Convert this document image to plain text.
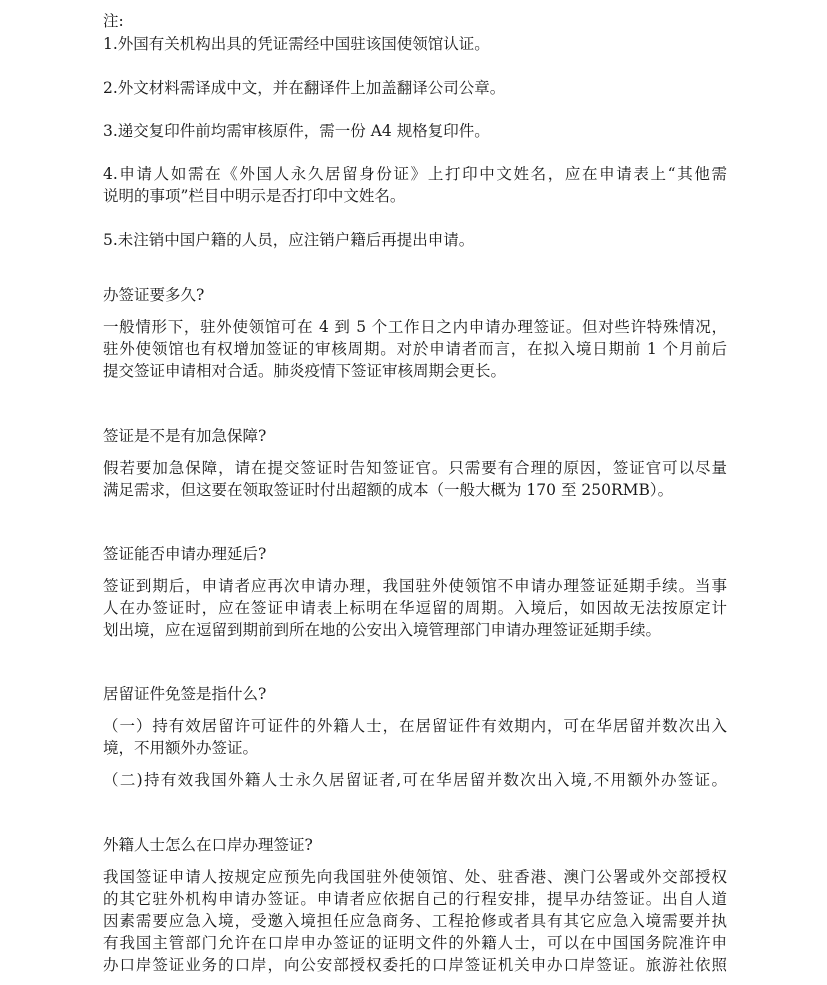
注:
1.外国有关机构出具的凭证需经中国驻该国使领馆认证。
2.外文材料需译成中文，并在翻译件上加盖翻译公司公章。
3.递交复印件前均需审核原件，需一份 A4 规格复印件。
4.申请人如需在《外国人永久居留身份证》上打印中文姓名，应在申请表上“其他需
说明的事项”栏目中明示是否打印中文姓名。
5.未注销中国户籍的人员，应注销户籍后再提出申请。
办签证要多久?
一般情形下，驻外使领馆可在 4 到 5 个工作日之内申请办理签证。但对些许特殊情况，
驻外使领馆也有权增加签证的审核周期。对於申请者而言，在拟入境日期前 1 个月前后
提交签证申请相对合适。肺炎疫情下签证审核周期会更长。
签证是不是有加急保障?
假若要加急保障，请在提交签证时告知签证官。只需要有合理的原因，签证官可以尽量
满足需求，但这要在领取签证时付出超额的成本（一般大概为 170 至 250RMB）。
签证能否申请办理延后?
签证到期后，申请者应再次申请办理，我国驻外使领馆不申请办理签证延期手续。当事
人在办签证时，应在签证申请表上标明在华逗留的周期。入境后，如因故无法按原定计
划出境，应在逗留到期前到所在地的公安出入境管理部门申请办理签证延期手续。
居留证件免签是指什么?
（一）持有效居留许可证件的外籍人士，在居留证件有效期内，可在华居留并数次出入
境，不用额外办签证。
（二)持有效我国外籍人士永久居留证者,可在华居留并数次出入境,不用额外办签证。
外籍人士怎么在口岸办理签证?
我国签证申请人按规定应预先向我国驻外使领馆、处、驻香港、澳门公署或外交部授权
的其它驻外机构申请办签证。申请者应依据自己的行程安排，提早办结签证。出自人道
因素需要应急入境，受邀入境担任应急商务、工程抢修或者具有其它应急入境需要并执
有我国主管部门允许在口岸申办签证的证明文件的外籍人士，可以在中国国务院准许申
办口岸签证业务的口岸，向公安部授权委托的口岸签证机关申办口岸签证。旅游社依照
